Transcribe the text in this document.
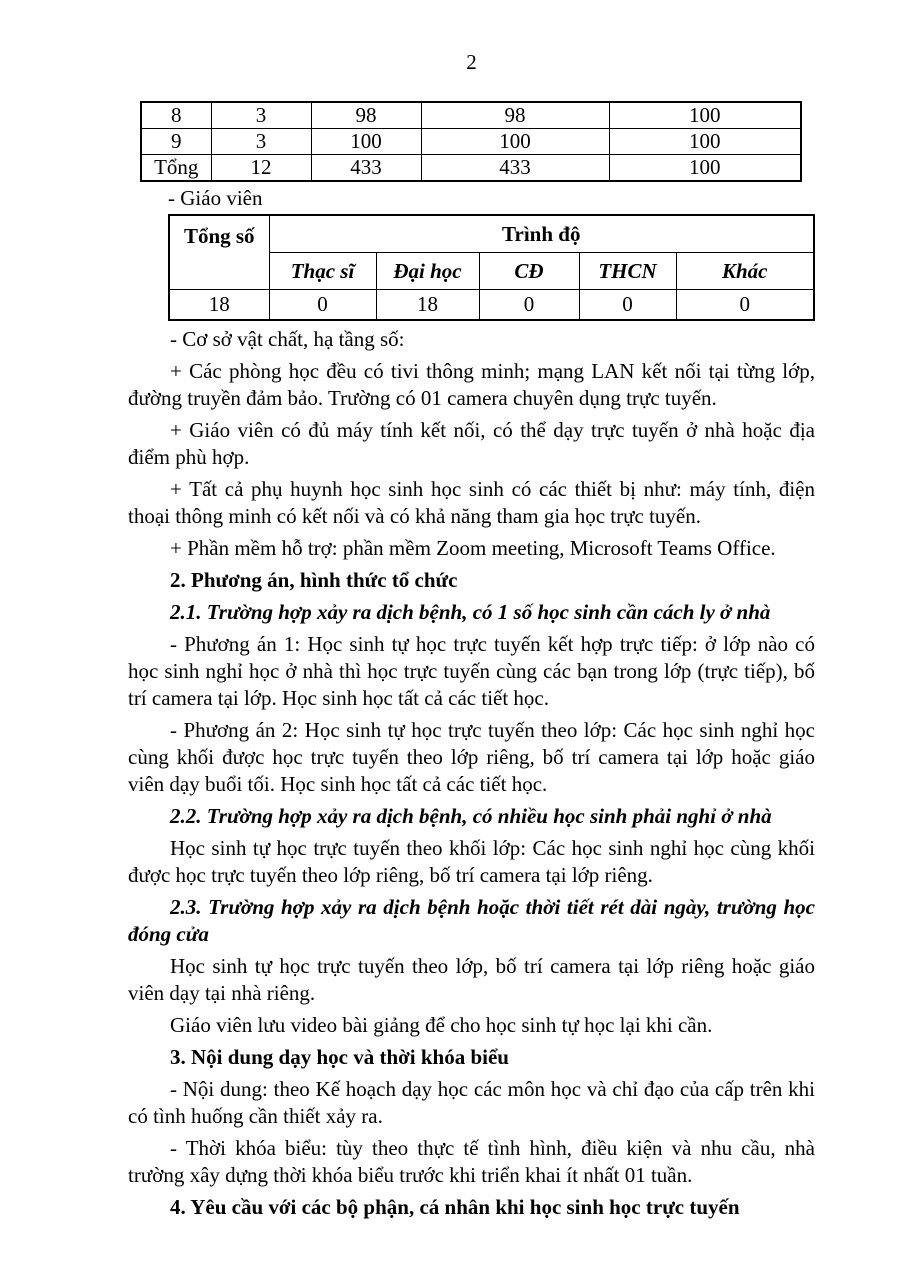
2
8	3	98	98	100
9	3	100	100	100
Tổng	12	433	433	100

- Giáo viên

Tổng số	Trình độ				
	Thạc sĩ	Đại học	CĐ	THCN	Khác
18	0	18	0	0	0

- Cơ sở vật chất, hạ tầng số:

+ Các phòng học đều có tivi thông minh; mạng LAN kết nối tại từng lớp, đường truyền đảm bảo. Trường có 01 camera chuyên dụng trực tuyến.

+ Giáo viên có đủ máy tính kết nối, có thể dạy trực tuyến ở nhà hoặc địa điểm phù hợp.

+ Tất cả phụ huynh học sinh học sinh có các thiết bị như: máy tính, điện thoại thông minh có kết nối và có khả năng tham gia học trực tuyến.

+ Phần mềm hỗ trợ: phần mềm Zoom meeting, Microsoft Teams Office.

2. Phương án, hình thức tổ chức

2.1. Trường hợp xảy ra dịch bệnh, có 1 số học sinh cần cách ly ở nhà

- Phương án 1: Học sinh tự học trực tuyến kết hợp trực tiếp: ở lớp nào có học sinh nghỉ học ở nhà thì học trực tuyến cùng các bạn trong lớp (trực tiếp), bố trí camera tại lớp. Học sinh học tất cả các tiết học.

- Phương án 2: Học sinh tự học trực tuyến theo lớp: Các học sinh nghỉ học cùng khối được học trực tuyến theo lớp riêng, bố trí camera tại lớp hoặc giáo viên dạy buổi tối. Học sinh học tất cả các tiết học.

2.2. Trường hợp xảy ra dịch bệnh, có nhiều học sinh phải nghỉ ở nhà

Học sinh tự học trực tuyến theo khối lớp: Các học sinh nghỉ học cùng khối được học trực tuyến theo lớp riêng, bố trí camera tại lớp riêng.

2.3. Trường hợp xảy ra dịch bệnh hoặc thời tiết rét dài ngày, trường học đóng cửa

Học sinh tự học trực tuyến theo lớp, bố trí camera tại lớp riêng hoặc giáo viên dạy tại nhà riêng.

Giáo viên lưu video bài giảng để cho học sinh tự học lại khi cần.

3. Nội dung dạy học và thời khóa biểu

- Nội dung: theo Kế hoạch dạy học các môn học và chỉ đạo của cấp trên khi có tình huống cần thiết xảy ra.

- Thời khóa biểu: tùy theo thực tế tình hình, điều kiện và nhu cầu, nhà trường xây dựng thời khóa biểu trước khi triển khai ít nhất 01 tuần.

4. Yêu cầu với các bộ phận, cá nhân khi học sinh học trực tuyến
